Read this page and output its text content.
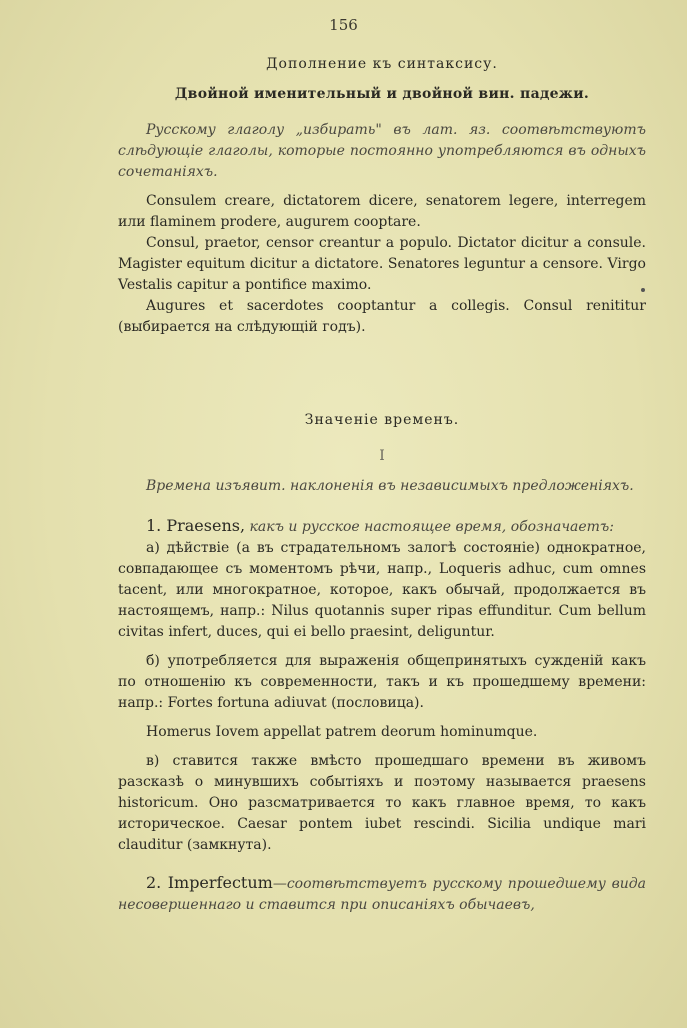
156
Дополнение къ синтаксису.
Двойной именительный и двойной вин. падежи.

Русскому глаголу „избирать" въ лат. яз. соотвѣтствуютъ слѣдующіе глаголы, которые постоянно употребляются въ одныхъ сочетаніяхъ.

Consulem creare, dictatorem dicere, senatorem legere, interregem или flaminem prodere, augurem cooptare.

Consul, praetor, censor creantur a populo. Dictator dicitur a consule. Magister equitum dicitur a dictatore. Senatores leguntur a censore. Virgo Vestalis capitur a pontifice maximo.

Augures et sacerdotes cooptantur a collegis. Consul renititur (выбирается на слѣдующій годъ).

Значеніе временъ.
I

Времена изъявит. наклоненія въ независимыхъ предложеніяхъ.

1. Praesens, какъ и русское настоящее время, обозначаетъ:

а) дѣйствіе (а въ страдательномъ залогѣ состояніе) однократное, совпадающее съ моментомъ рѣчи, напр., Loqueris adhuc, cum omnes tacent, или многократное, которое, какъ обычай, продолжается въ настоящемъ, напр.: Nilus quotannis super ripas effunditur. Cum bellum civitas infert, duces, qui ei bello praesint, deliguntur.

б) употребляется для выраженія общепринятыхъ сужденій какъ по отношенію къ современности, такъ и къ прошедшему времени: напр.: Fortes fortuna adiuvat (пословица).

Homerus Iovem appellat patrem deorum hominumque.

в) ставится также вмѣсто прошедшаго времени въ живомъ разсказѣ о минувшихъ событіяхъ и поэтому называется praesens historicum. Оно разсматривается то какъ главное время, то какъ историческое. Caesar pontem iubet rescindi. Sicilia undique mari clauditur (замкнута).

2. Imperfectum—соотвѣтствуетъ русскому прошедшему вида несовершеннаго и ставится при описаніяхъ обычаевъ,
